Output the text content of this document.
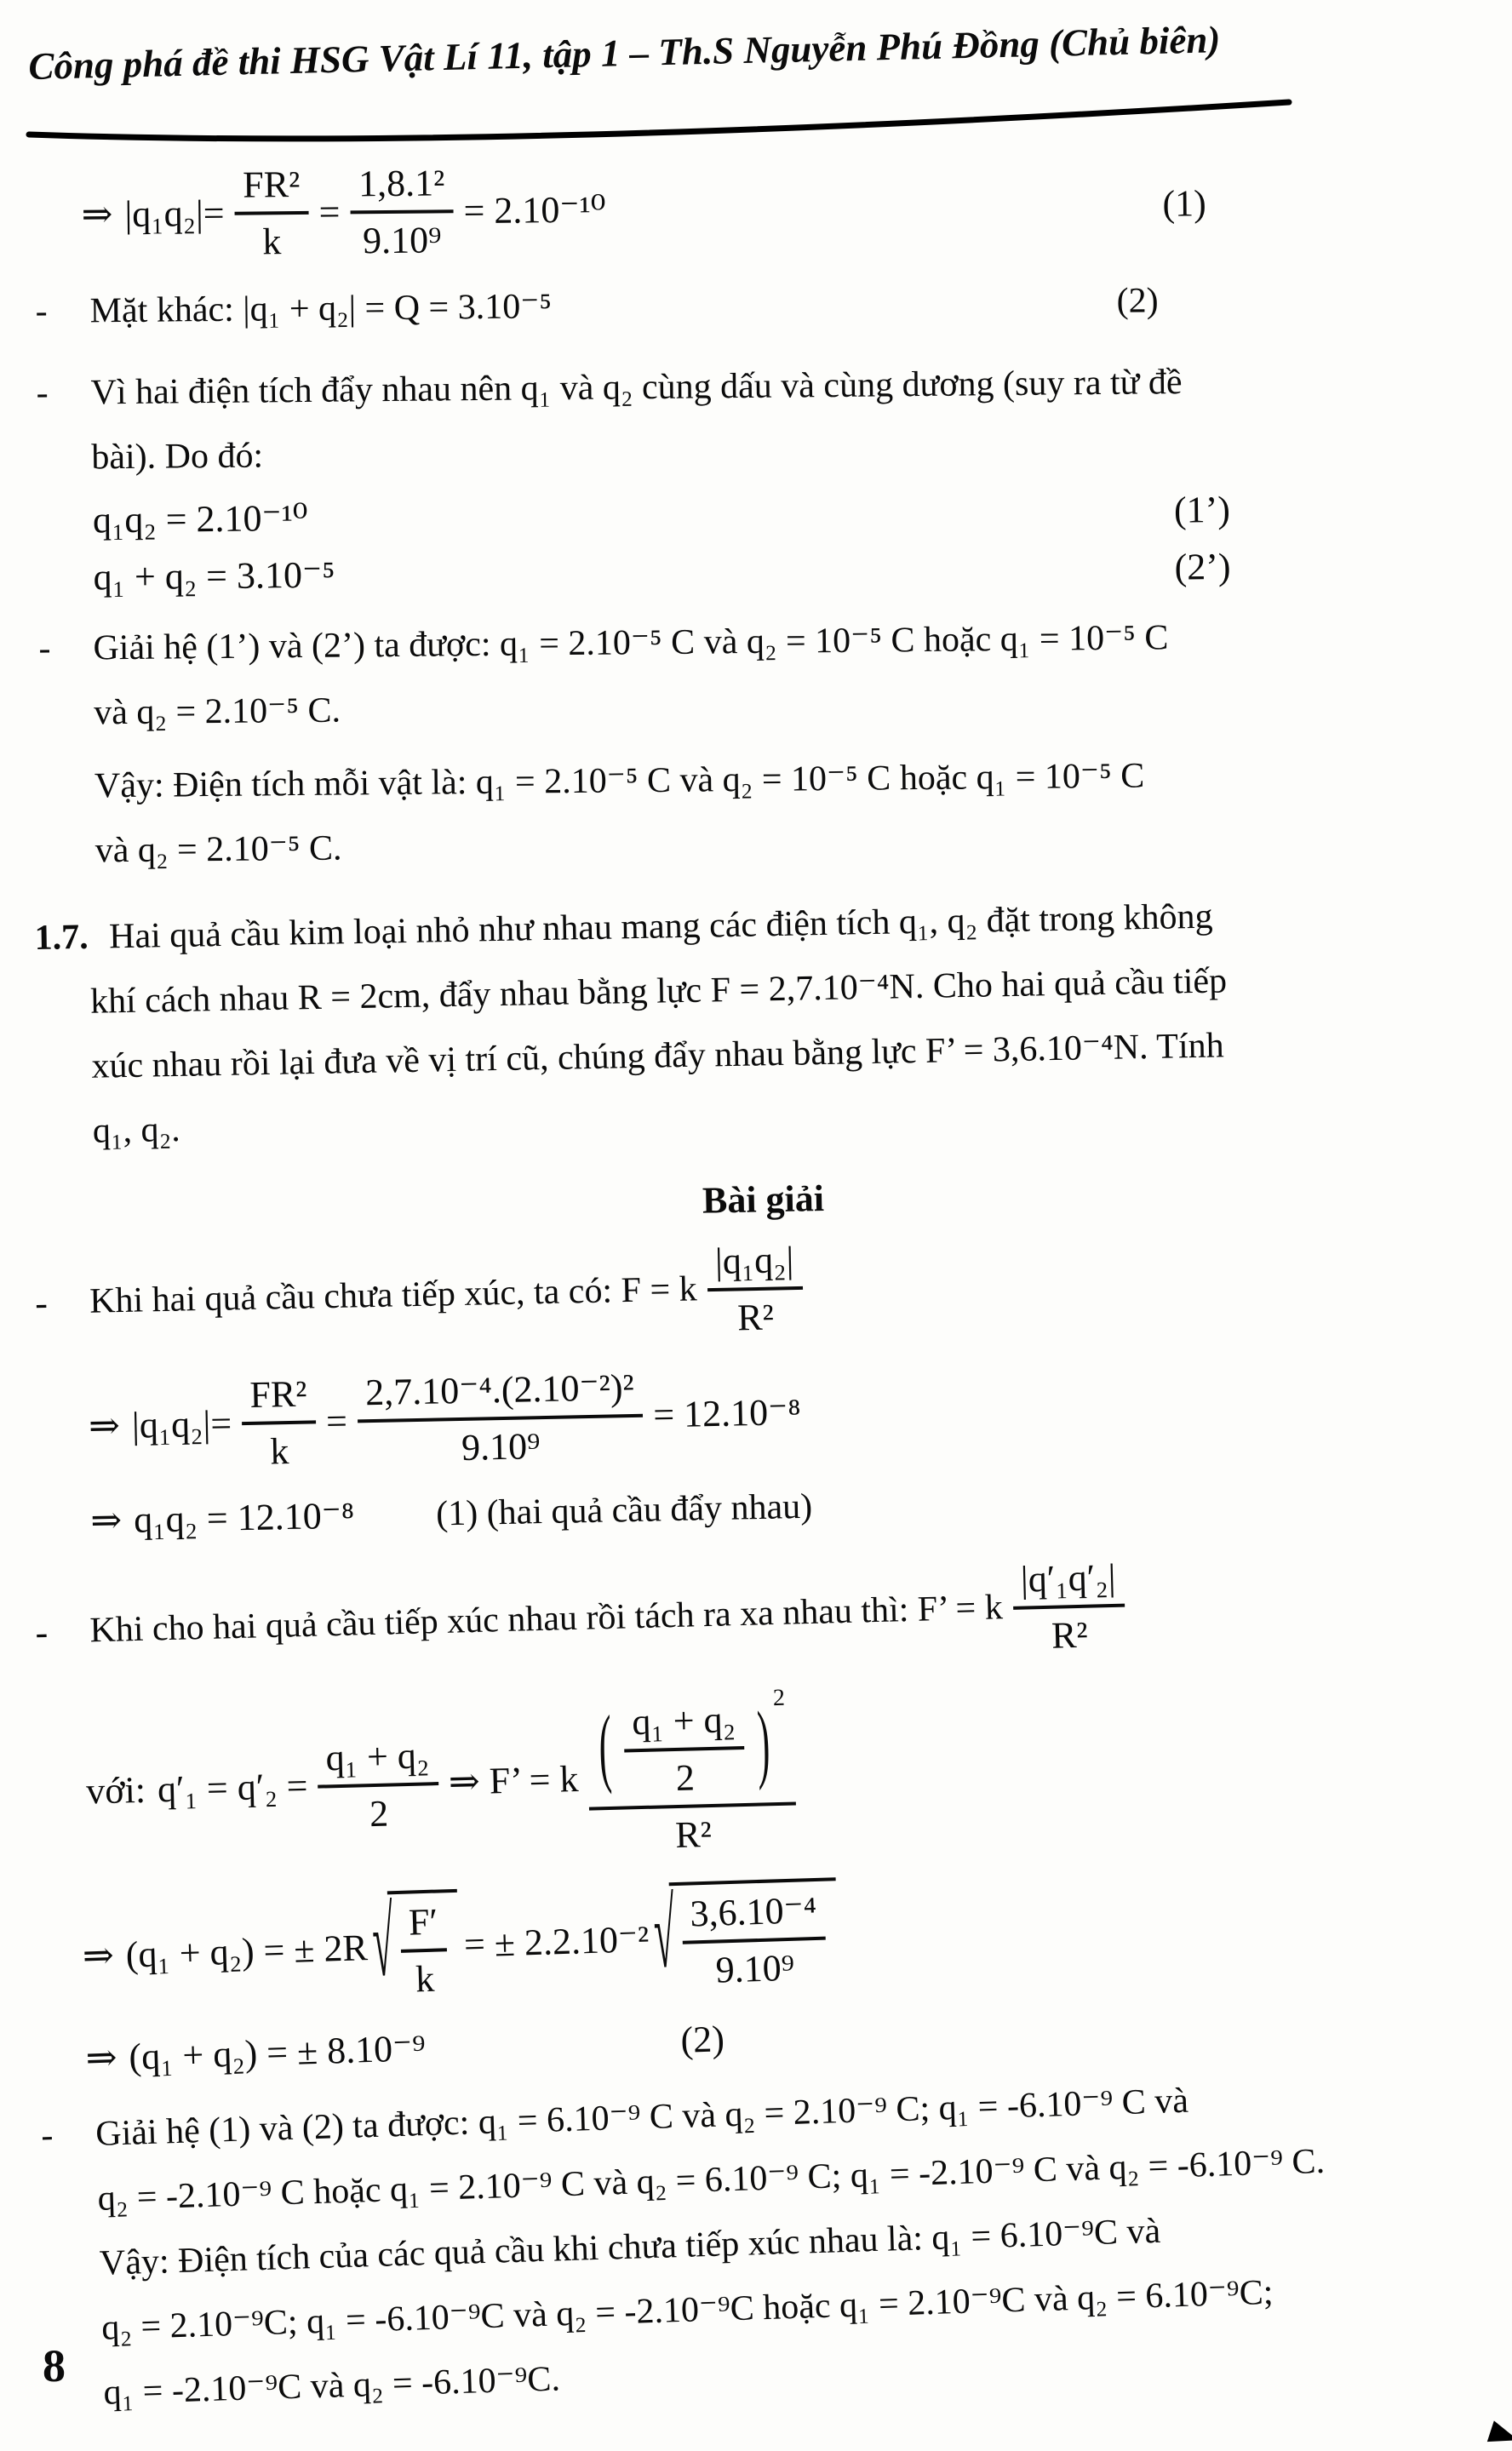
Công phá đề thi HSG Vật Lí 11, tập 1 – Th.S Nguyễn Phú Đồng (Chủ biên)
⇒ $|q_1q_2| = \frac{\text{FR²}}{k} = \frac{\text{1,8.1²}}{\text{9.10⁹}} = 2.10^{-10}$	(1)
-	Mặt khác: |q₁ + q₂| = Q = 3.10⁻⁵	(2)
-	Vì hai điện tích đẩy nhau nên q₁ và q₂ cùng dấu và cùng dương (suy ra từ đề
bài). Do đó:
q₁q₂ = 2.10⁻¹⁰	(1’)
q₁ + q₂ = 3.10⁻⁵	(2’)
-	Giải hệ (1’) và (2’) ta được: q₁ = 2.10⁻⁵ C và q₂ = 10⁻⁵ C hoặc q₁ = 10⁻⁵ C
và q₂ = 2.10⁻⁵ C.
Vậy: Điện tích mỗi vật là: q₁ = 2.10⁻⁵ C và q₂ = 10⁻⁵ C hoặc q₁ = 10⁻⁵ C
và q₂ = 2.10⁻⁵ C.
1.7. Hai quả cầu kim loại nhỏ như nhau mang các điện tích q₁, q₂ đặt trong không
khí cách nhau R = 2cm, đẩy nhau bằng lực F = 2,7.10⁻⁴N. Cho hai quả cầu tiếp
xúc nhau rồi lại đưa về vị trí cũ, chúng đẩy nhau bằng lực F’ = 3,6.10⁻⁴N. Tính
q₁, q₂.
Bài giải
-	Khi hai quả cầu chưa tiếp xúc, ta có: F = k $\frac{\text{|q₁q₂|}}{\text{R²}}$
⇒ $|q_1q_2| = \frac{\text{FR²}}{k} = \frac{\text{2,7.10⁻⁴.(2.10⁻²)²}}{\text{9.10⁹}} = 12.10^{-8}$
⇒ q₁q₂ = 12.10⁻⁸ (1) (hai quả cầu đẩy nhau)
-	Khi cho hai quả cầu tiếp xúc nhau rồi tách ra xa nhau thì: F’ = k $\frac{\text{|q′₁q′₂|}}{\text{R²}}$
với: $q'_1 = q'_2 = \frac{\text{q₁ + q₂}}{2}$ ⇒ F’ = k $\frac{( \frac{\text{q₁ + q₂}}{2} )^2}{\text{R²}}$
⇒ (q₁ + q₂) = ± 2R √ $\frac{F'}{k}$ = ± 2.2.10⁻² √ $\frac{\text{3,6.10⁻⁴}}{\text{9.10⁹}}$
⇒ (q₁ + q₂) = ± 8.10⁻⁹	(2)
-	Giải hệ (1) và (2) ta được: q₁ = 6.10⁻⁹ C và q₂ = 2.10⁻⁹ C; q₁ = -6.10⁻⁹ C và
q₂ = -2.10⁻⁹ C hoặc q₁ = 2.10⁻⁹ C và q₂ = 6.10⁻⁹ C; q₁ = -2.10⁻⁹ C và q₂ = -6.10⁻⁹ C.
Vậy: Điện tích của các quả cầu khi chưa tiếp xúc nhau là: q₁ = 6.10⁻⁹C và
q₂ = 2.10⁻⁹C; q₁ = -6.10⁻⁹C và q₂ = -2.10⁻⁹C hoặc q₁ = 2.10⁻⁹C và q₂ = 6.10⁻⁹C;
q₁ = -2.10⁻⁹C và q₂ = -6.10⁻⁹C.
8
